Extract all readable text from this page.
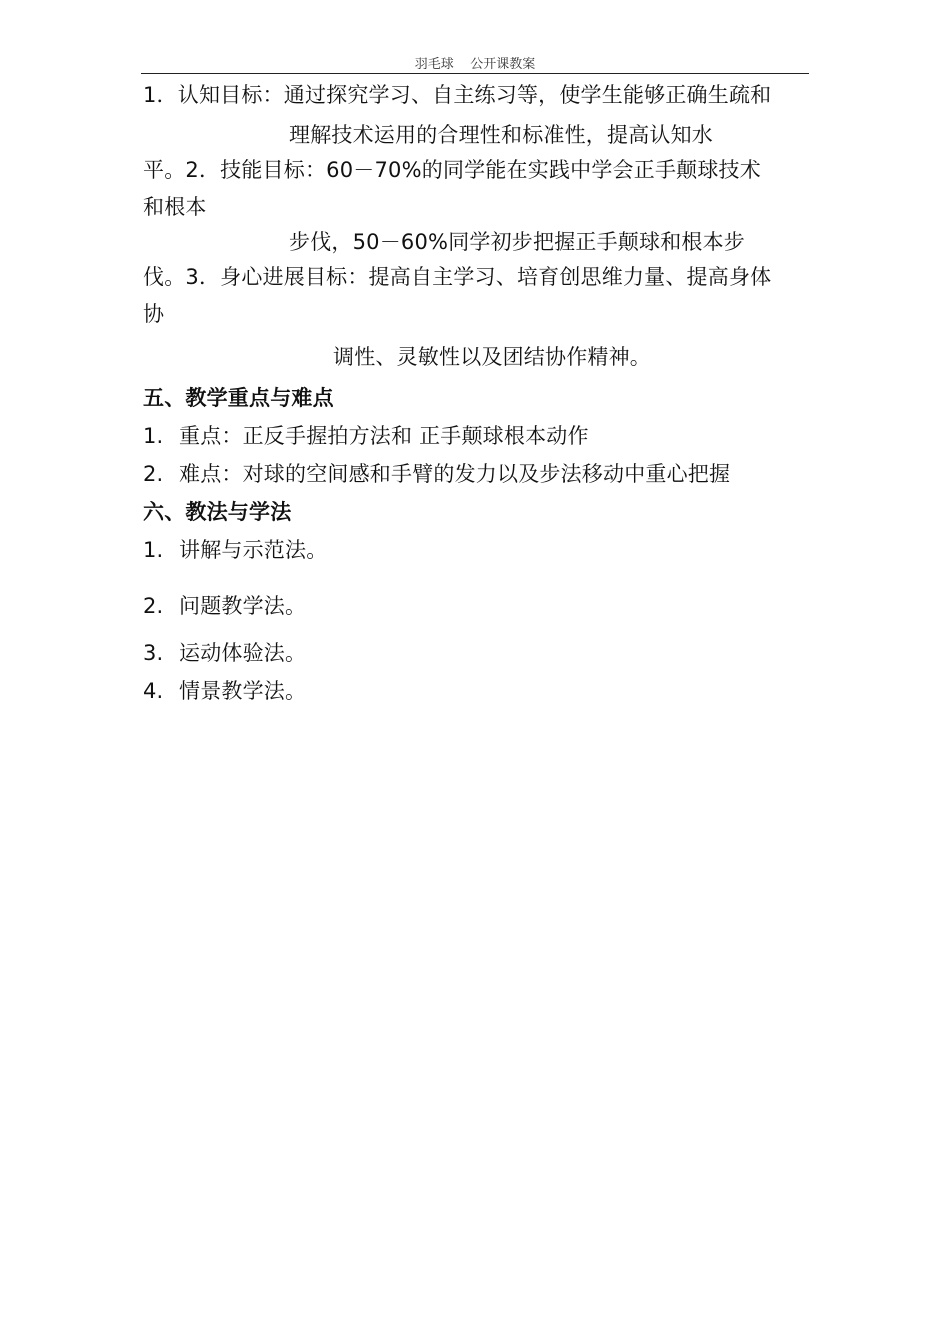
羽毛球    公开课教案
1．认知目标：通过探究学习、自主练习等，使学生能够正确生疏和
理解技术运用的合理性和标准性，提高认知水
平。2．技能目标：60－70%的同学能在实践中学会正手颠球技术
和根本
步伐，50－60%同学初步把握正手颠球和根本步
伐。3．身心进展目标：提高自主学习、培育创思维力量、提高身体
协
调性、灵敏性以及团结协作精神。
五、教学重点与难点
1. 重点：正反手握拍方法和 正手颠球根本动作
2. 难点：对球的空间感和手臂的发力以及步法移动中重心把握
六、教法与学法
1. 讲解与示范法。
2. 问题教学法。
3. 运动体验法。
4. 情景教学法。
